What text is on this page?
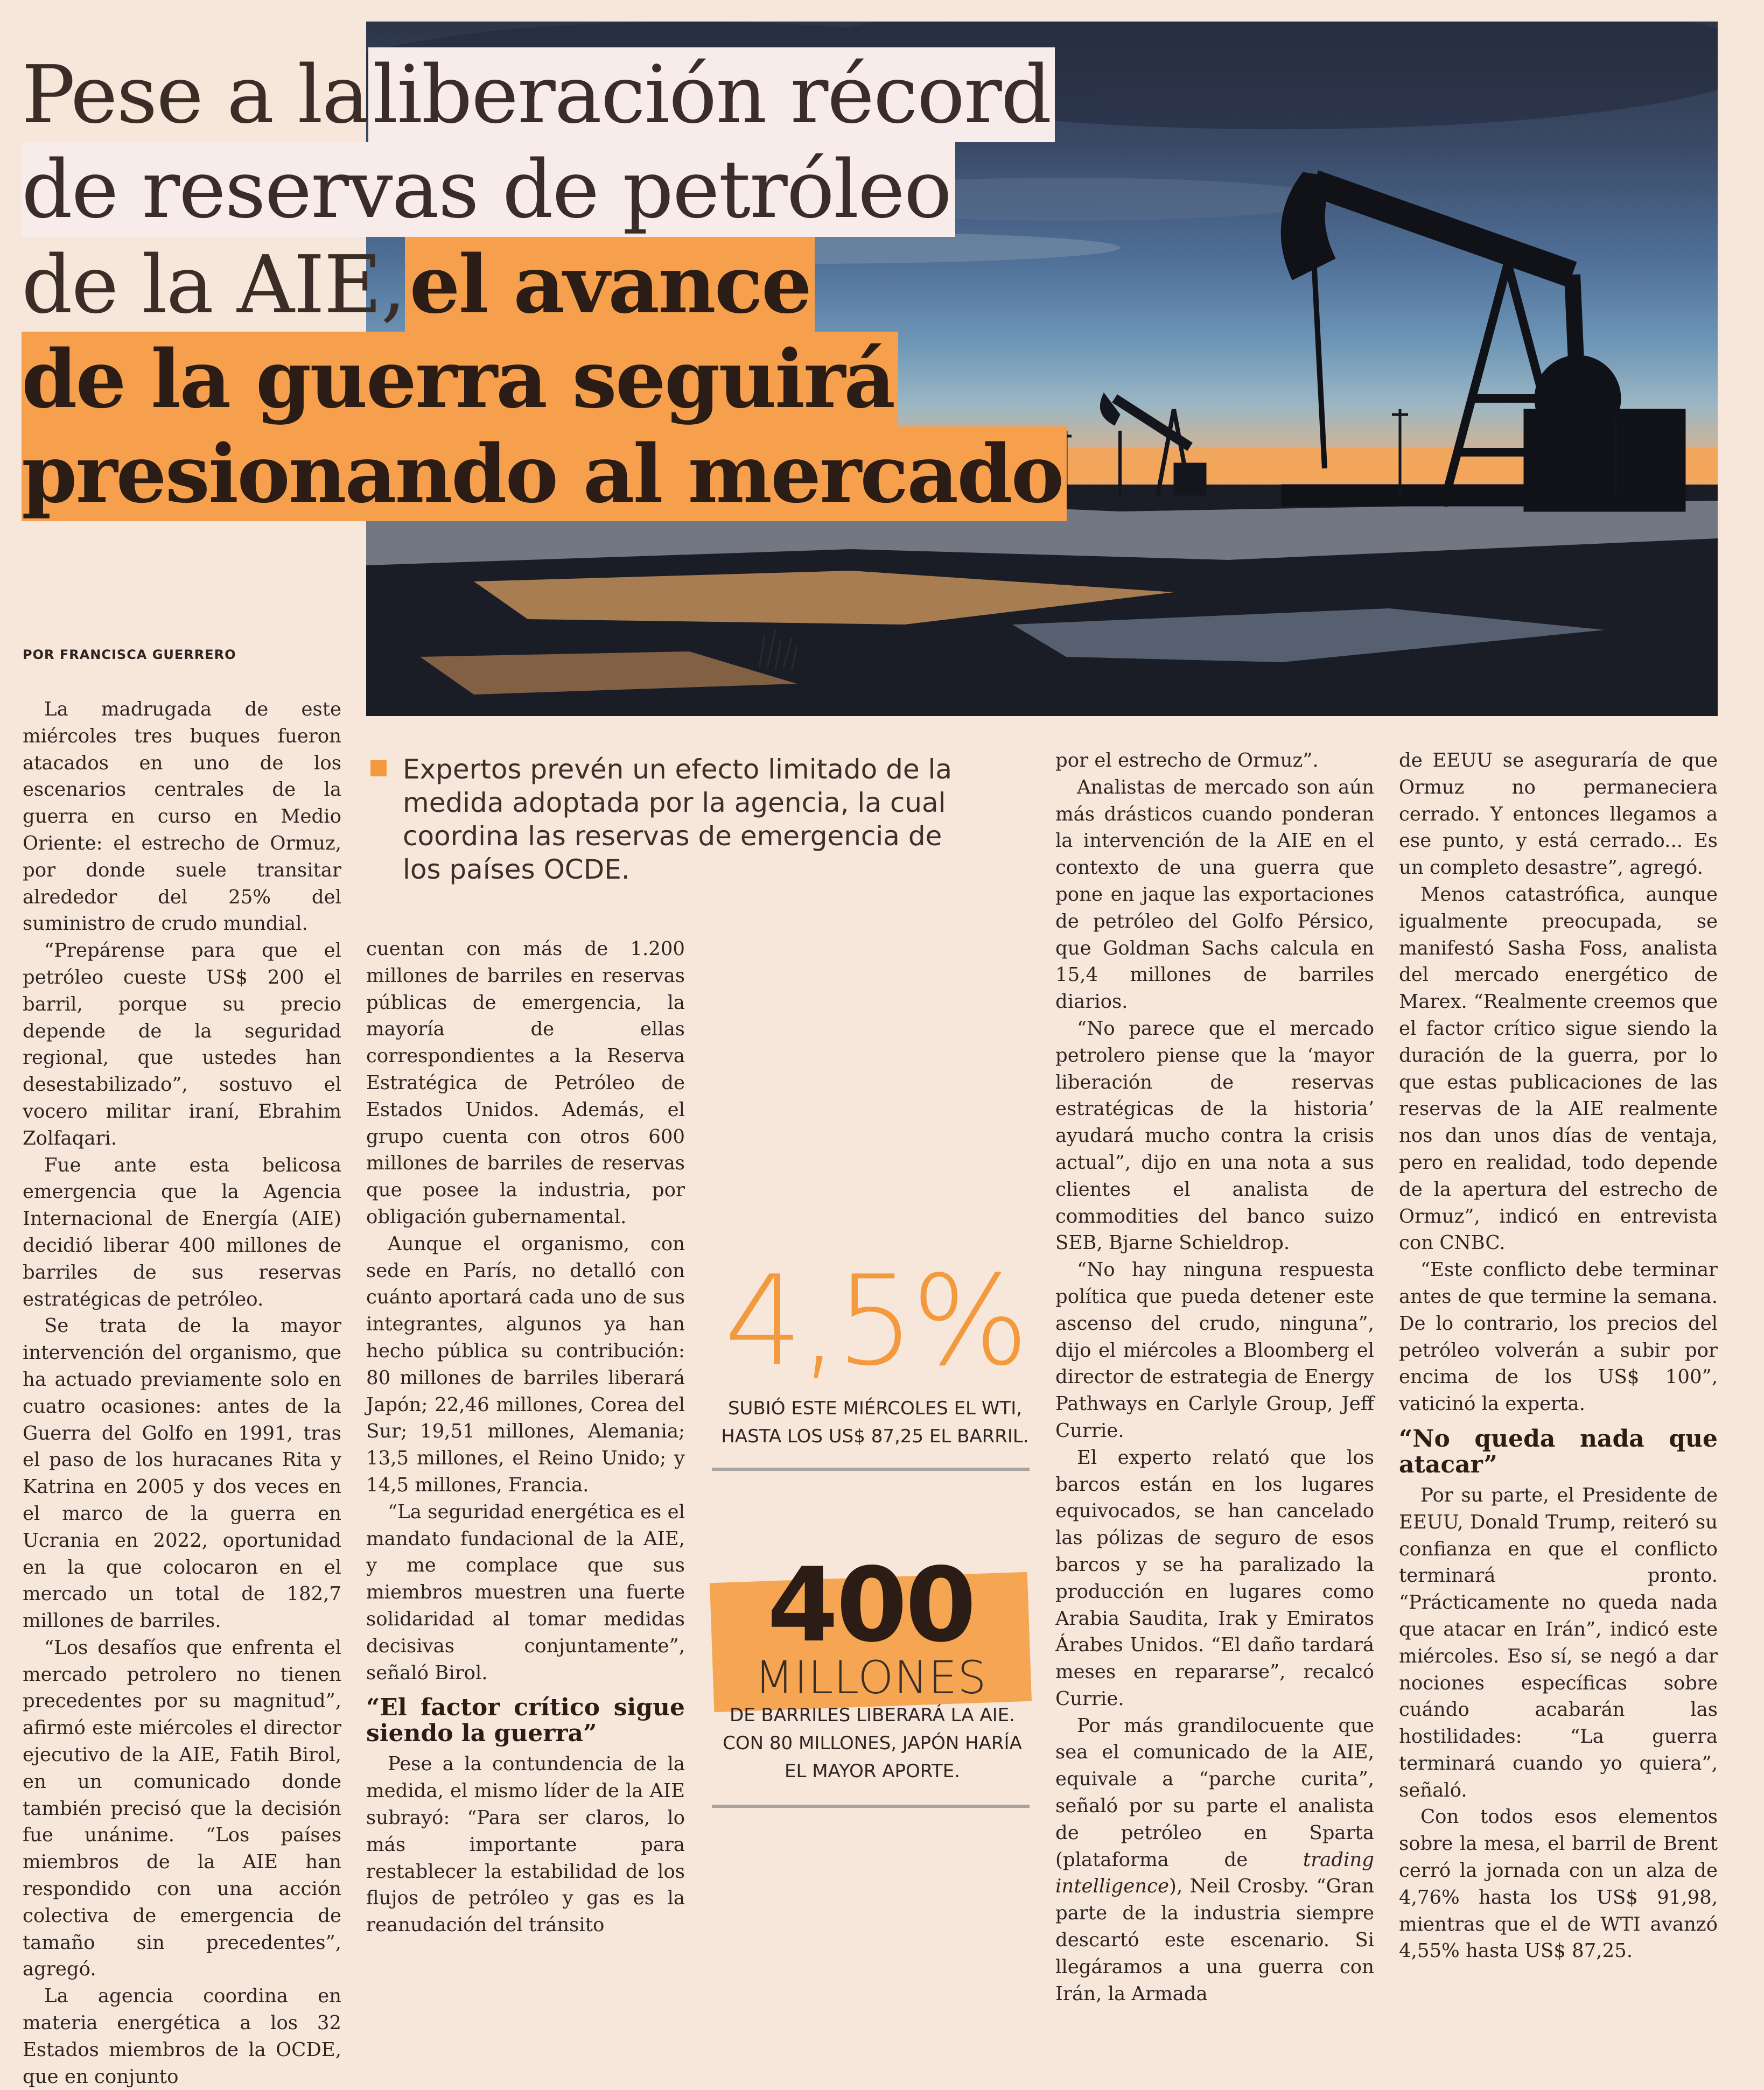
Pese a laliberación récord
de reservas de petróleo
de la AIE,el avance
de la guerra seguirá
presionando al mercado
POR FRANCISCA GUERRERO
Expertos prevén un efecto limitado de la medida adoptada por la agencia, la cual coordina las reservas de emergencia de los países OCDE.

La madrugada de este miércoles tres buques fueron atacados en uno de los escenarios centrales de la guerra en curso en Medio Oriente: el estrecho de Ormuz, por donde suele transitar alrededor del 25% del suministro de crudo mundial.

“Prepárense para que el petróleo cueste US$ 200 el barril, porque su precio depende de la seguridad regional, que ustedes han desestabilizado”, sostuvo el vocero militar iraní, Ebrahim Zolfaqari.

Fue ante esta belicosa emergencia que la Agencia Internacional de Energía (AIE) decidió liberar 400 millones de barriles de sus reservas estratégicas de petróleo.

Se trata de la mayor intervención del organismo, que ha actuado previamente solo en cuatro ocasiones: antes de la Guerra del Golfo en 1991, tras el paso de los huracanes Rita y Katrina en 2005 y dos veces en el marco de la guerra en Ucrania en 2022, oportunidad en la que colocaron en el mercado un total de 182,7 millones de barriles.

“Los desafíos que enfrenta el mercado petrolero no tienen precedentes por su magnitud”, afirmó este miércoles el director ejecutivo de la AIE, Fatih Birol, en un comunicado donde también precisó que la decisión fue unánime. “Los países miembros de la AIE han respondido con una acción colectiva de emergencia de tamaño sin precedentes”, agregó.

La agencia coordina en materia energética a los 32 Estados miembros de la OCDE, que en conjunto

cuentan con más de 1.200 millones de barriles en reservas públicas de emergencia, la mayoría de ellas correspondientes a la Reserva Estratégica de Petróleo de Estados Unidos. Además, el grupo cuenta con otros 600 millones de barriles de reservas que posee la industria, por obligación gubernamental.

Aunque el organismo, con sede en París, no detalló con cuánto aportará cada uno de sus integrantes, algunos ya han hecho pública su contribución: 80 millones de barriles liberará Japón; 22,46 millones, Corea del Sur; 19,51 millones, Alemania; 13,5 millones, el Reino Unido; y 14,5 millones, Francia.

“La seguridad energética es el mandato fundacional de la AIE, y me complace que sus miembros muestren una fuerte solidaridad al tomar medidas decisivas conjuntamente”, señaló Birol.

“El factor crítico sigue siendo la guerra”

Pese a la contundencia de la medida, el mismo líder de la AIE subrayó: “Para ser claros, lo más importante para restablecer la estabilidad de los flujos de petróleo y gas es la reanudación del tránsito

4,5%
SUBIÓ ESTE MIÉRCOLES EL WTI,
HASTA LOS US$ 87,25 EL BARRIL.
400
MILLONES
DE BARRILES LIBERARÁ LA AIE.
CON 80 MILLONES, JAPÓN HARÍA
EL MAYOR APORTE.

por el estrecho de Ormuz”.

Analistas de mercado son aún más drásticos cuando ponderan la intervención de la AIE en el contexto de una guerra que pone en jaque las exportaciones de petróleo del Golfo Pérsico, que Goldman Sachs calcula en 15,4 millones de barriles diarios.

“No parece que el mercado petrolero piense que la ‘mayor liberación de reservas estratégicas de la historia’ ayudará mucho contra la crisis actual”, dijo en una nota a sus clientes el analista de commodities del banco suizo SEB, Bjarne Schieldrop.

“No hay ninguna respuesta política que pueda detener este ascenso del crudo, ninguna”, dijo el miércoles a Bloomberg el director de estrategia de Energy Pathways en Carlyle Group, Jeff Currie.

El experto relató que los barcos están en los lugares equivocados, se han cancelado las pólizas de seguro de esos barcos y se ha paralizado la producción en lugares como Arabia Saudita, Irak y Emiratos Árabes Unidos. “El daño tardará meses en repararse”, recalcó Currie.

Por más grandilocuente que sea el comunicado de la AIE, equivale a “parche curita”, señaló por su parte el analista de petróleo en Sparta (plataforma de trading intelligence), Neil Crosby. “Gran parte de la industria siempre descartó este escenario. Si llegáramos a una guerra con Irán, la Armada

de EEUU se aseguraría de que Ormuz no permaneciera cerrado. Y entonces llegamos a ese punto, y está cerrado... Es un completo desastre”, agregó.

Menos catastrófica, aunque igualmente preocupada, se manifestó Sasha Foss, analista del mercado energético de Marex. “Realmente creemos que el factor crítico sigue siendo la duración de la guerra, por lo que estas publicaciones de las reservas de la AIE realmente nos dan unos días de ventaja, pero en realidad, todo depende de la apertura del estrecho de Ormuz”, indicó en entrevista con CNBC.

“Este conflicto debe terminar antes de que termine la semana. De lo contrario, los precios del petróleo volverán a subir por encima de los US$ 100”, vaticinó la experta.

“No queda nada que atacar”

Por su parte, el Presidente de EEUU, Donald Trump, reiteró su confianza en que el conflicto terminará pronto. “Prácticamente no queda nada que atacar en Irán”, indicó este miércoles. Eso sí, se negó a dar nociones específicas sobre cuándo acabarán las hostilidades: “La guerra terminará cuando yo quiera”, señaló.

Con todos esos elementos sobre la mesa, el barril de Brent cerró la jornada con un alza de 4,76% hasta los US$ 91,98, mientras que el de WTI avanzó 4,55% hasta US$ 87,25.
